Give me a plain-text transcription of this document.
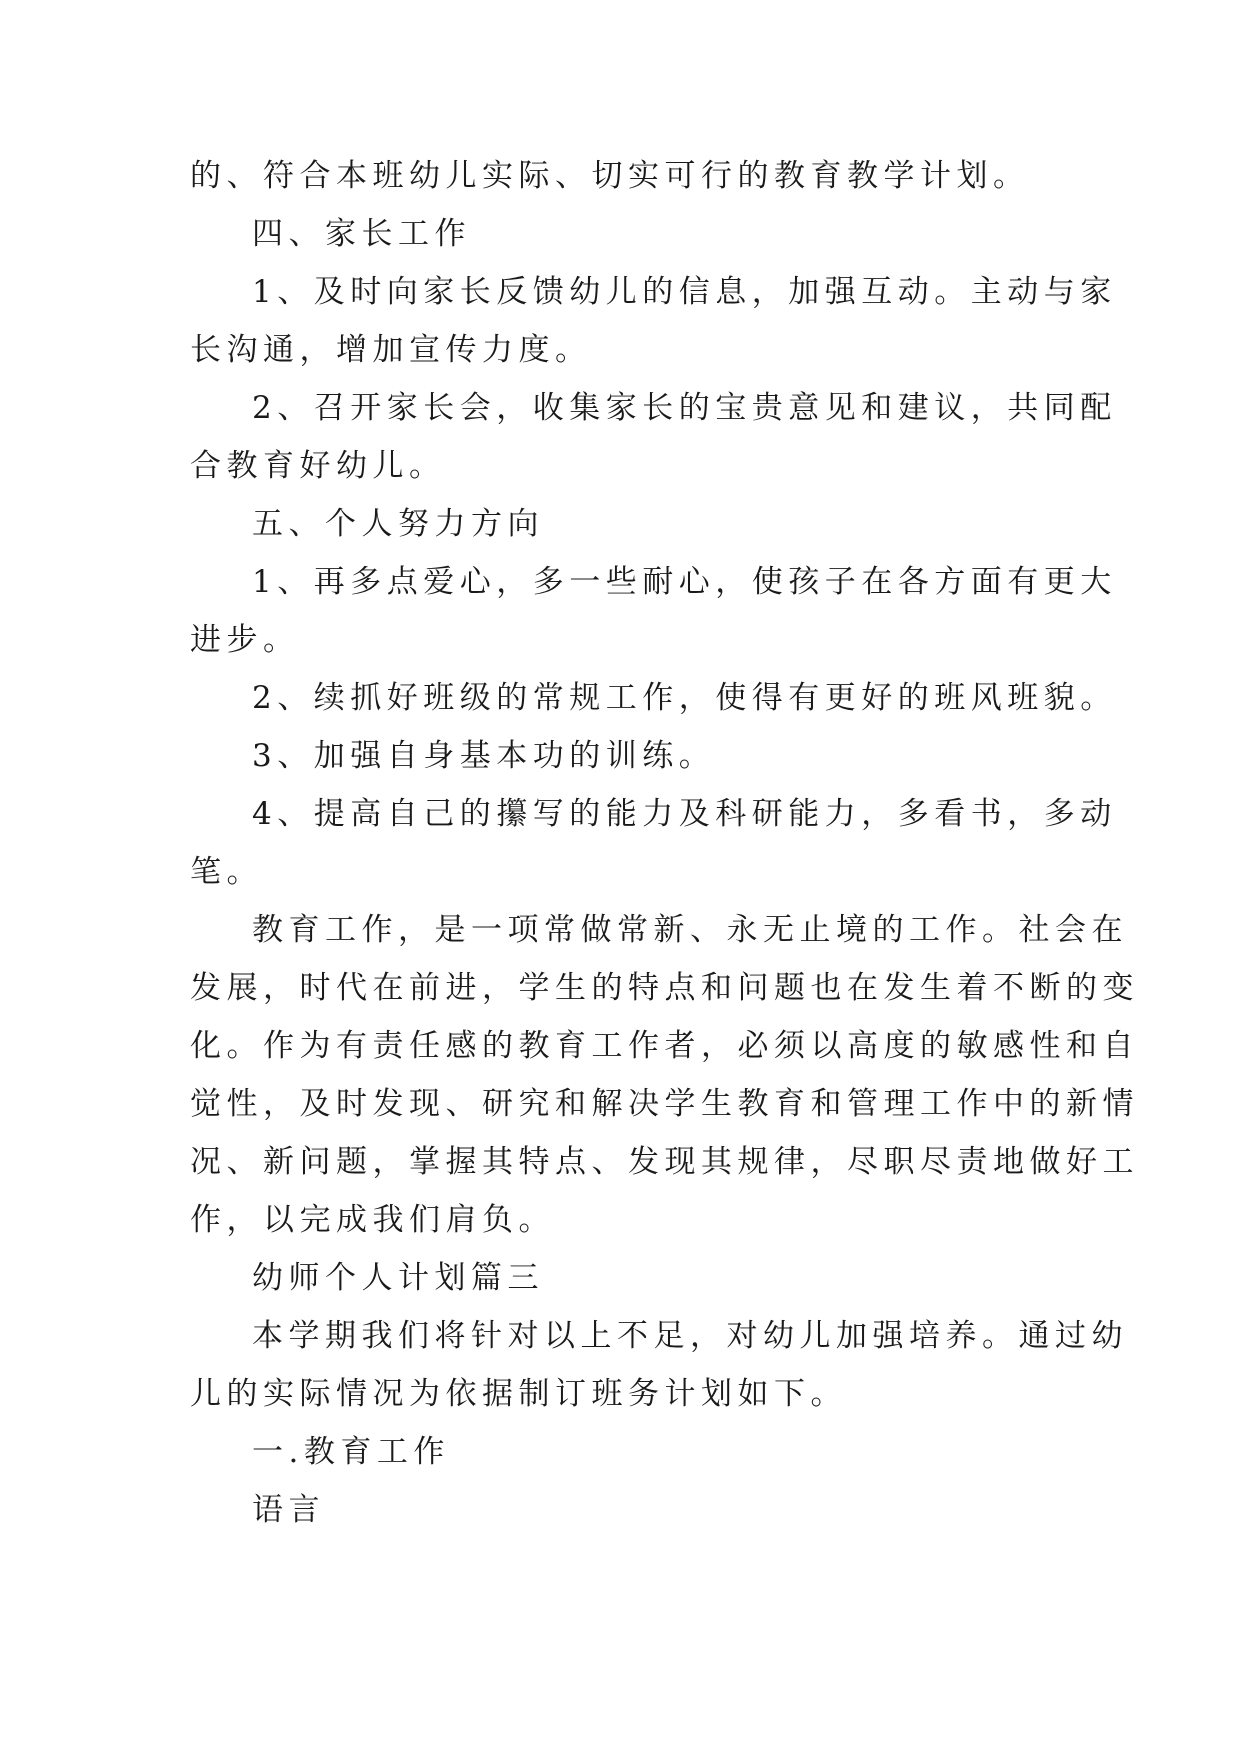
的、符合本班幼儿实际、切实可行的教育教学计划。
四、家长工作
1、及时向家长反馈幼儿的信息，加强互动。主动与家
长沟通，增加宣传力度。
2、召开家长会，收集家长的宝贵意见和建议，共同配
合教育好幼儿。
五、个人努力方向
1、再多点爱心，多一些耐心，使孩子在各方面有更大
进步。
2、续抓好班级的常规工作，使得有更好的班风班貌。
3、加强自身基本功的训练。
4、提高自己的攥写的能力及科研能力，多看书，多动
笔。
教育工作，是一项常做常新、永无止境的工作。社会在
发展，时代在前进，学生的特点和问题也在发生着不断的变
化。作为有责任感的教育工作者，必须以高度的敏感性和自
觉性，及时发现、研究和解决学生教育和管理工作中的新情
况、新问题，掌握其特点、发现其规律，尽职尽责地做好工
作，以完成我们肩负。
幼师个人计划篇三
本学期我们将针对以上不足，对幼儿加强培养。通过幼
儿的实际情况为依据制订班务计划如下。
一.教育工作
语言
